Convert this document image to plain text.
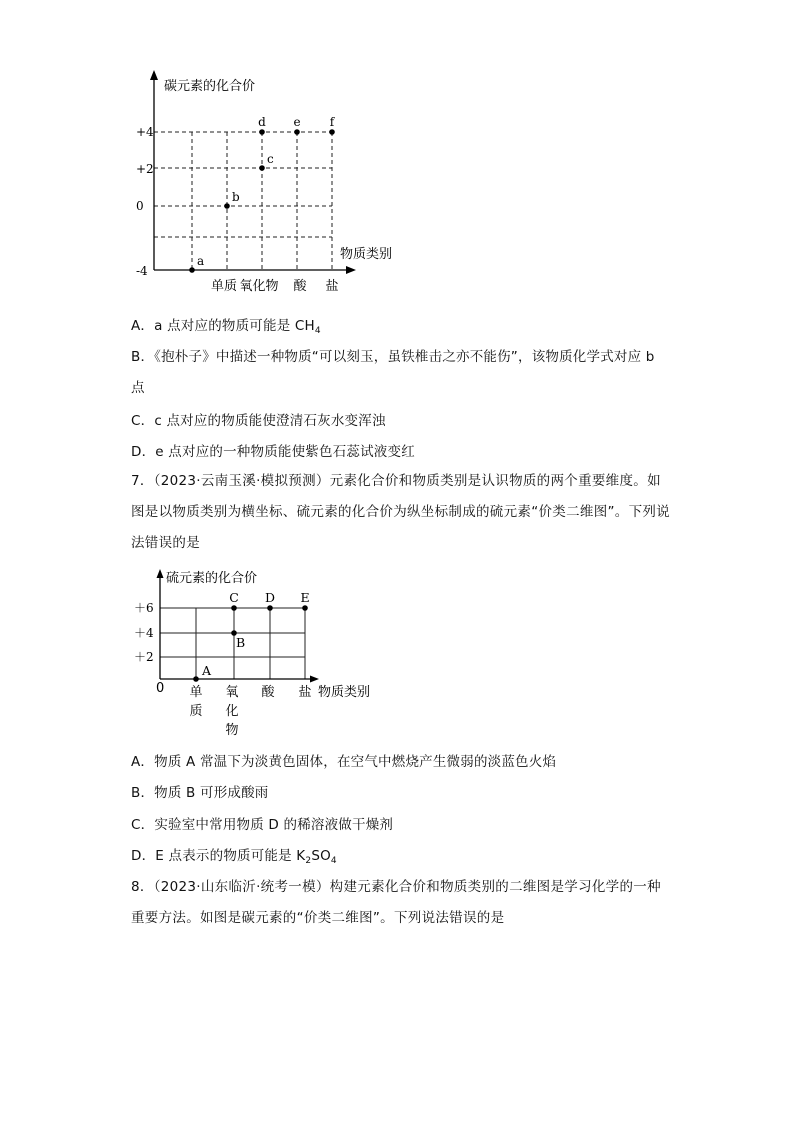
碳元素的化合价
物质类别
+4
+2
0
-4
单质 氧化物 酸 盐
a
b
c
d e f
A．a 点对应的物质可能是 $CH_4$
B．《抱朴子》中描述一种物质“可以刻玉，虽铁椎击之亦不能伤”，该物质化学式对应 b
点
C．c 点对应的物质能使澄清石灰水变浑浊
D．e 点对应的一种物质能使紫色石蕊试液变红
7．（2023·云南玉溪·模拟预测）元素化合价和物质类别是认识物质的两个重要维度。如图是以物质类别为横坐标、硫元素的化合价为纵坐标制成的硫元素“价类二维图”。下列说法错误的是
硫元素的化合价
物质类别
0
＋6
＋4
＋2
单
质
氧
化
物
酸 盐
A
B
C D E
A．物质 A 常温下为淡黄色固体，在空气中燃烧产生微弱的淡蓝色火焰
B．物质 B 可形成酸雨
C．实验室中常用物质 D 的稀溶液做干燥剂
D．E 点表示的物质可能是 $K_2SO_4$
8．（2023·山东临沂·统考一模）构建元素化合价和物质类别的二维图是学习化学的一种重要方法。如图是碳元素的“价类二维图”。下列说法错误的是
